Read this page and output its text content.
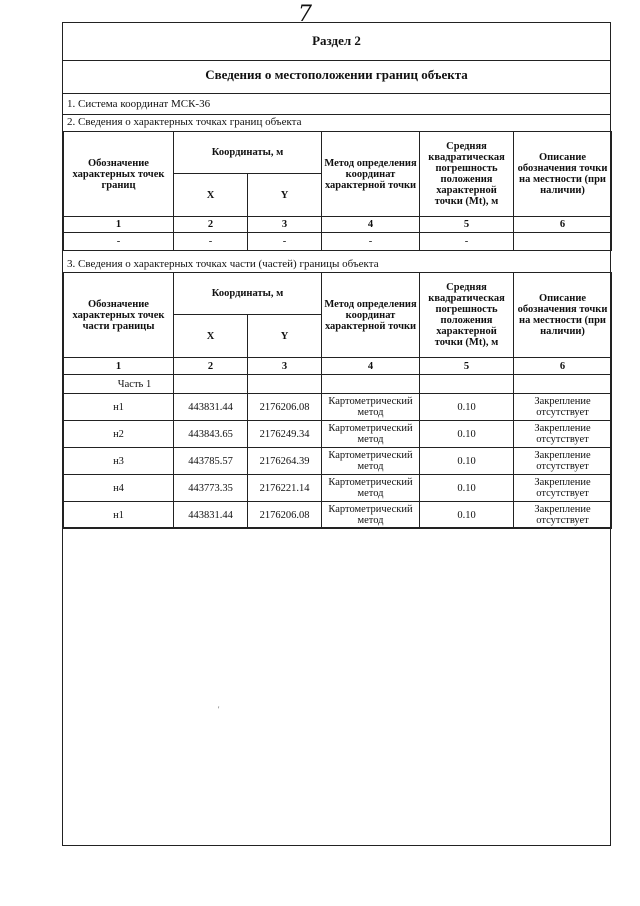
7
Раздел 2
Сведения о местоположении границ объекта
1. Система координат МСК-36
2. Сведения о характерных точках границ объекта
Обозначение характерных точек границ	Координаты, м		Метод определения координат характерной точки	Средняя квадратическая погрешность положения характерной точки (Mt), м	Описание обозначения точки на местности (при наличии)
	X	Y			
1	2	3	4	5	6
-	-	-	-	-	
3. Сведения о характерных точках части (частей) границы объекта
Обозначение характерных точек части границы	Координаты, м		Метод определения координат характерной точки	Средняя квадратическая погрешность положения характерной точки (Mt), м	Описание обозначения точки на местности (при наличии)
	X	Y			
1	2	3	4	5	6
Часть 1					
н1	443831.44	2176206.08	Картометрический метод	0.10	Закрепление отсутствует
н2	443843.65	2176249.34	Картометрический метод	0.10	Закрепление отсутствует
н3	443785.57	2176264.39	Картометрический метод	0.10	Закрепление отсутствует
н4	443773.35	2176221.14	Картометрический метод	0.10	Закрепление отсутствует
н1	443831.44	2176206.08	Картометрический метод	0.10	Закрепление отсутствует
'
